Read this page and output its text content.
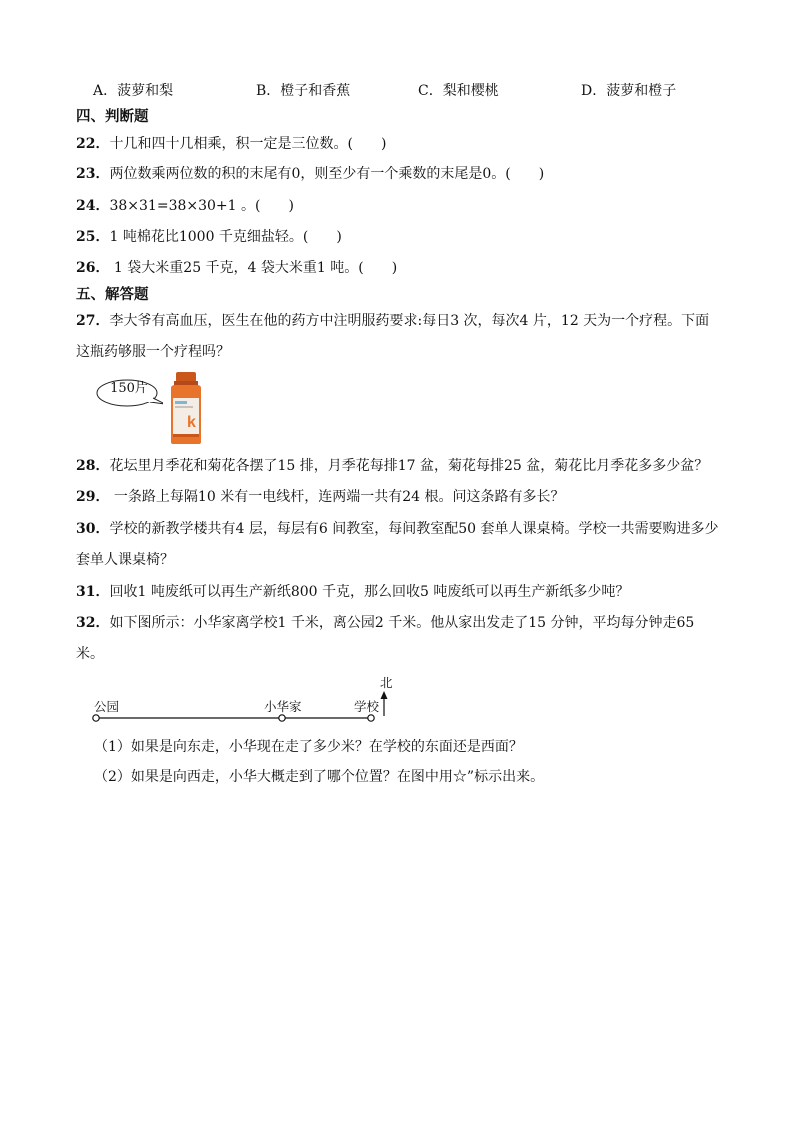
A．菠萝和梨	B．橙子和香蕉	C．梨和樱桃	D．菠萝和橙子
四、判断题
22．十几和四十几相乘，积一定是三位数。(　　)
23．两位数乘两位数的积的末尾有0，则至少有一个乘数的末尾是0。(　　)
24．38×31=38×30+1 。(　　)
25．1 吨棉花比1000 千克细盐轻。(　　)
26． 1 袋大米重25 千克，4 袋大米重1 吨。(　　)
五、解答题
27．李大爷有高血压，医生在他的药方中注明服药要求:每日3 次，每次4 片，12 天为一个疗程。下面
这瓶药够服一个疗程吗？
150片
k
28．花坛里月季花和菊花各摆了15 排，月季花每排17 盆，菊花每排25 盆，菊花比月季花多多少盆？
29． 一条路上每隔10 米有一电线杆，连两端一共有24 根。问这条路有多长？
30．学校的新教学楼共有4 层，每层有6 间教室，每间教室配50 套单人课桌椅。学校一共需要购进多少
套单人课桌椅？
31．回收1 吨废纸可以再生产新纸800 千克，那么回收5 吨废纸可以再生产新纸多少吨？
32．如下图所示：小华家离学校1 千米，离公园2 千米。他从家出发走了15 分钟，平均每分钟走65
米。
公园	小华家	学校
北
（1）如果是向东走，小华现在走了多少米？在学校的东面还是西面？
（2）如果是向西走，小华大概走到了哪个位置？在图中用☆”标示出来。
